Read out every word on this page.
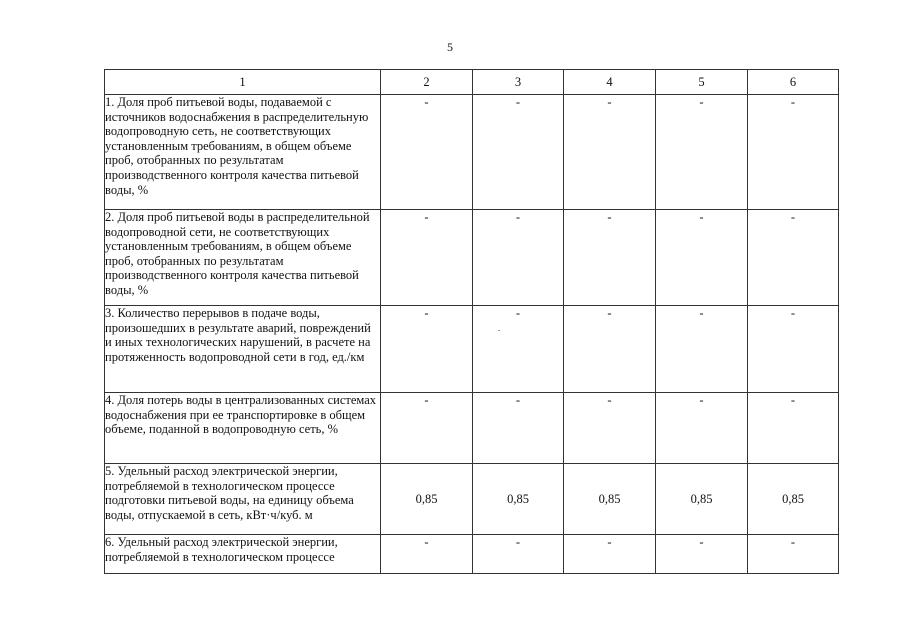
5
1	2	3	4	5	6
1. Доля проб питьевой воды, подаваемой с источников водоснабжения в распределительную водопроводную сеть, не соответствующих установленным требованиям, в общем объеме проб, отобранных по результатам производственного контроля качества питьевой воды, %	-	-	-	-	-
2. Доля проб питьевой воды в распределительной водопроводной сети, не соответствующих установленным требованиям, в общем объеме проб, отобранных по результатам производственного контроля качества питьевой воды, %	-	-	-	-	-
3. Количество перерывов в подаче воды, произошедших в результате аварий, повреждений и иных технологических нарушений, в расчете на протяженность водопроводной сети в год, ед./км	-	-	-	-	-
4. Доля потерь воды в централизованных системах водоснабжения при ее транспортировке в общем объеме, поданной в водопроводную сеть, %	-	-	-	-	-
5. Удельный расход электрической энергии, потребляемой в технологическом процессе подготовки питьевой воды, на единицу объема воды, отпускаемой в сеть, кВт·ч/куб. м	0,85	0,85	0,85	0,85	0,85
6. Удельный расход электрической энергии, потребляемой в технологическом процессе	-	-	-	-	-
